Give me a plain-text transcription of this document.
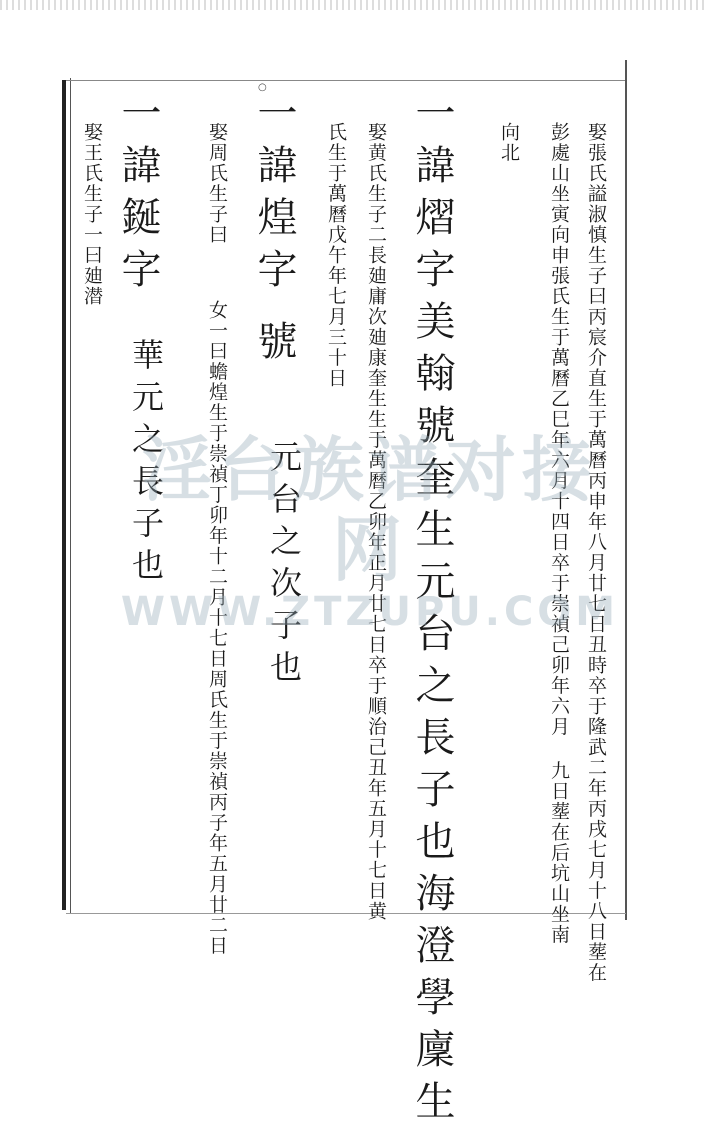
○
娶張氏謚淑慎生子曰丙宸介直生于萬曆丙申年八月廿七日丑時卒于隆武二年丙戌七月十八日塟在
彭處山坐寅向申張氏生于萬曆乙巳年六月十四日卒于崇禎己卯年六月 九日塟在后坑山坐南
向北
一諱熠字美翰號奎生元台之長子也海澄學廩生
娶黄氏生子二長廸庸次廸康奎生生于萬曆乙卯年正月廿七日卒于順治己丑年五月十七日黄
氏生于萬曆戊午年七月三十日
一諱煌字
號
元台之次子也
娶周氏生子曰
女一曰蟾煌生于崇禎丁卯年十二月十七日周氏生于崇禎丙子年五月廿二日
一諱鋋字
華元之長子也
娶王氏生子一曰廸潜
淫台族谱对接网
WWW.ZTZUPU.COM
